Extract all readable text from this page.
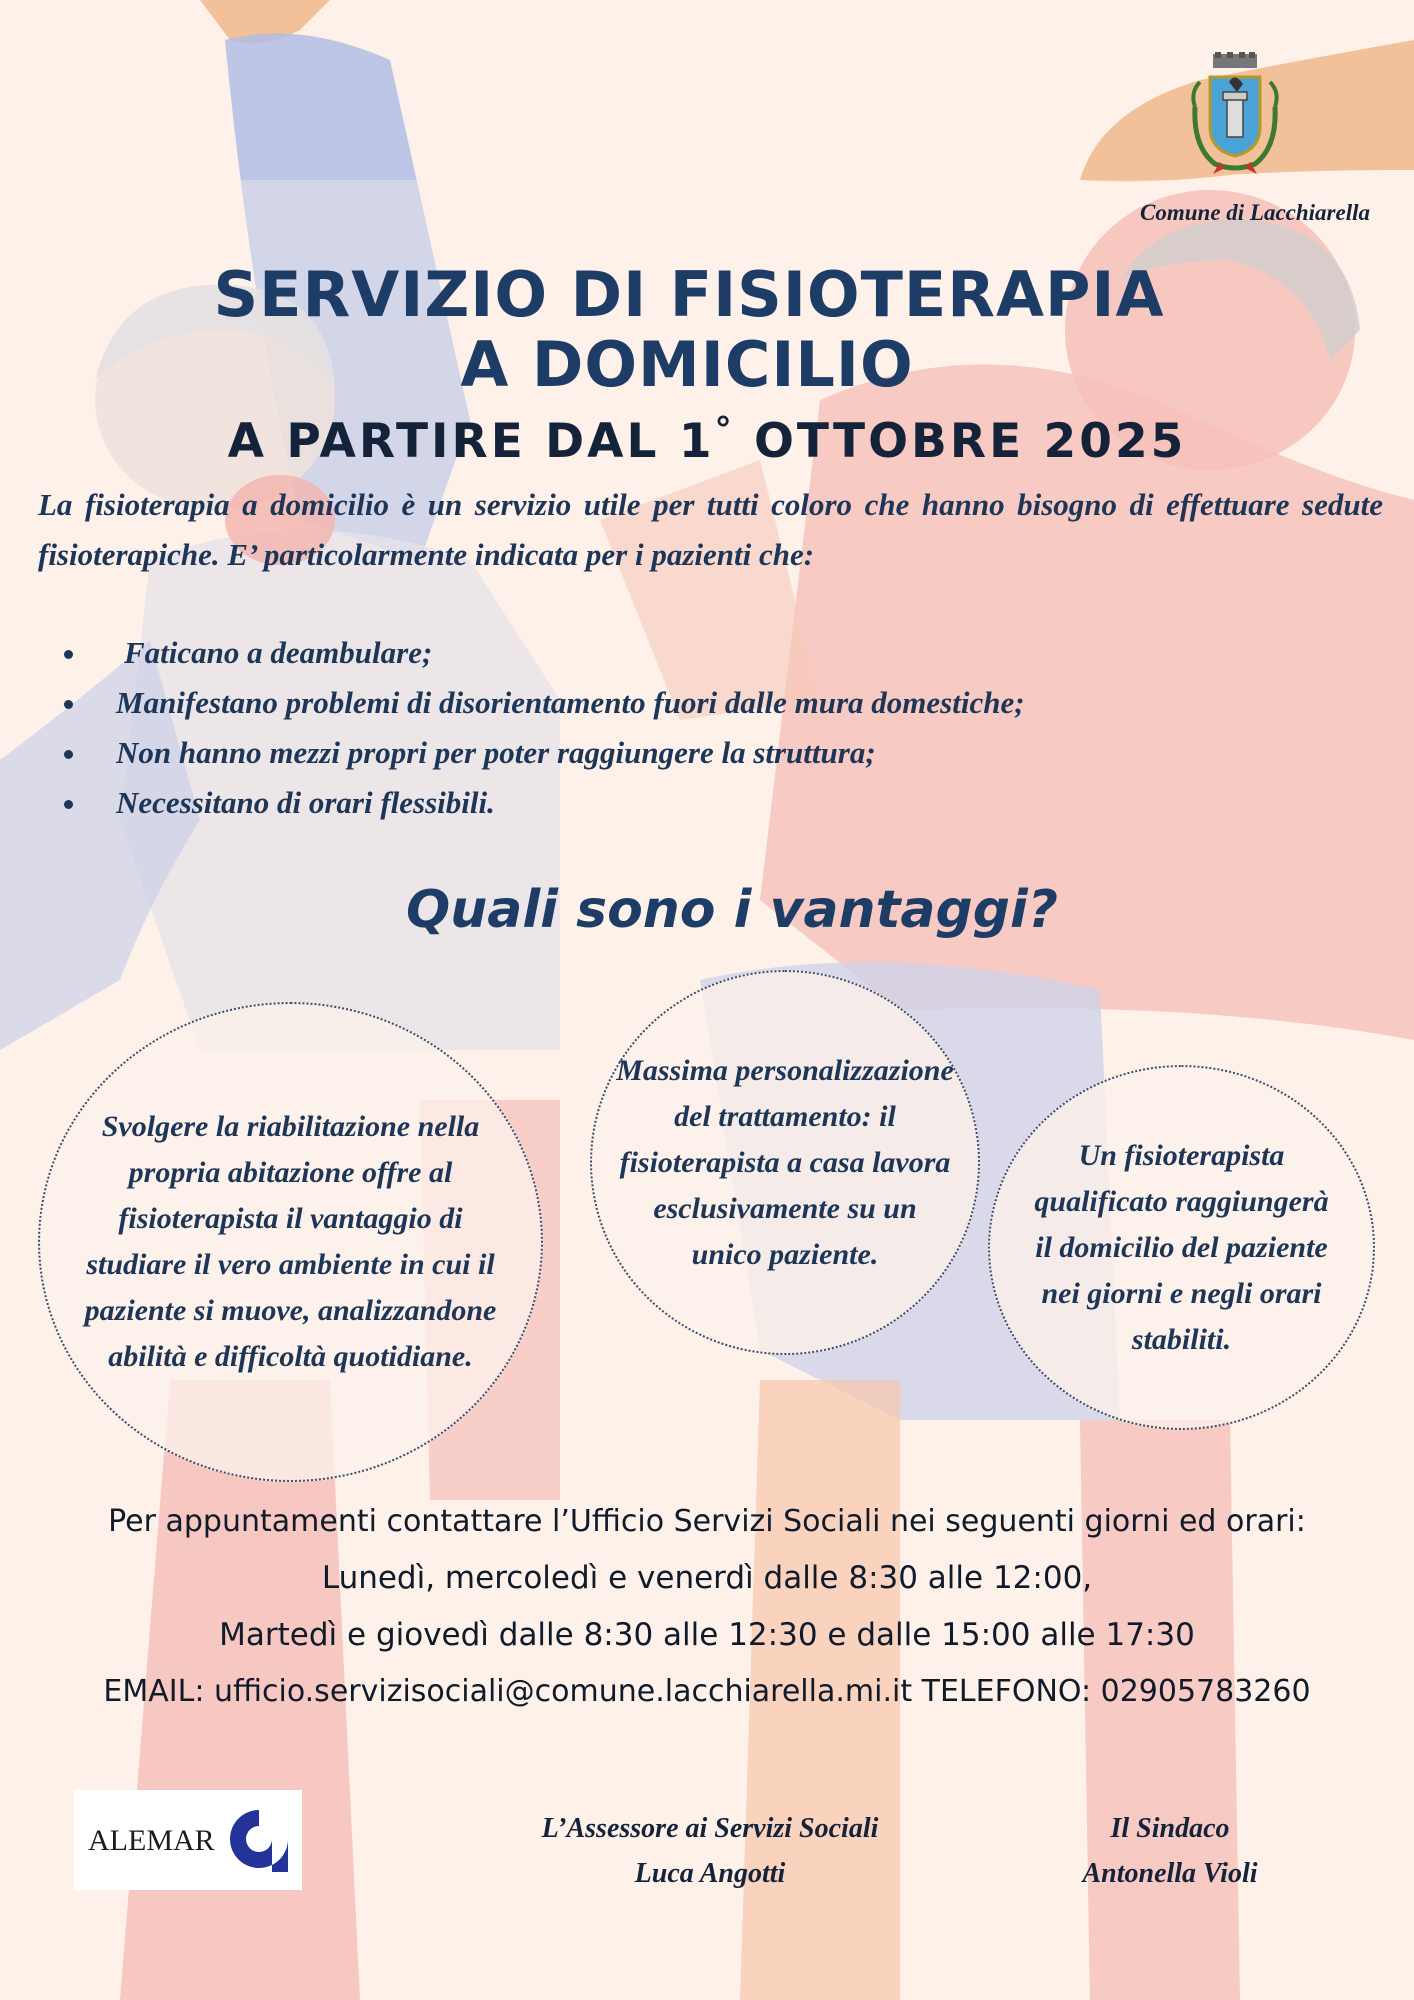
Comune di Lacchiarella
SERVIZIO DI FISIOTERAPIA
A DOMICILIO
A PARTIRE DAL 1° OTTOBRE 2025
La fisioterapia a domicilio è un servizio utile per tutti coloro che hanno bisogno di effettuare sedute fisioterapiche. E’ particolarmente indicata per i pazienti che:
Faticano a deambulare;
Manifestano problemi di disorientamento fuori dalle mura domestiche;
Non hanno mezzi propri per poter raggiungere la struttura;
Necessitano di orari flessibili.
Quali sono i vantaggi?

Svolgere la riabilitazione nella propria abitazione offre al fisioterapista il vantaggio di studiare il vero ambiente in cui il paziente si muove, analizzandone abilità e difficoltà quotidiane.

Massima personalizzazione del trattamento: il fisioterapista a casa lavora esclusivamente su un unico paziente.

Un fisioterapista qualificato raggiungerà il domicilio del paziente nei giorni e negli orari stabiliti.

Per appuntamenti contattare l’Ufficio Servizi Sociali nei seguenti giorni ed orari:
Lunedì, mercoledì e venerdì dalle 8:30 alle 12:00,
Martedì e giovedì dalle 8:30 alle 12:30 e dalle 15:00 alle 17:30
EMAIL: ufficio.servizisociali@comune.lacchiarella.mi.it TELEFONO: 02905783260
ALEMAR	L’Assessore ai Servizi Sociali
Luca Angotti
Il Sindaco
Antonella Violi
